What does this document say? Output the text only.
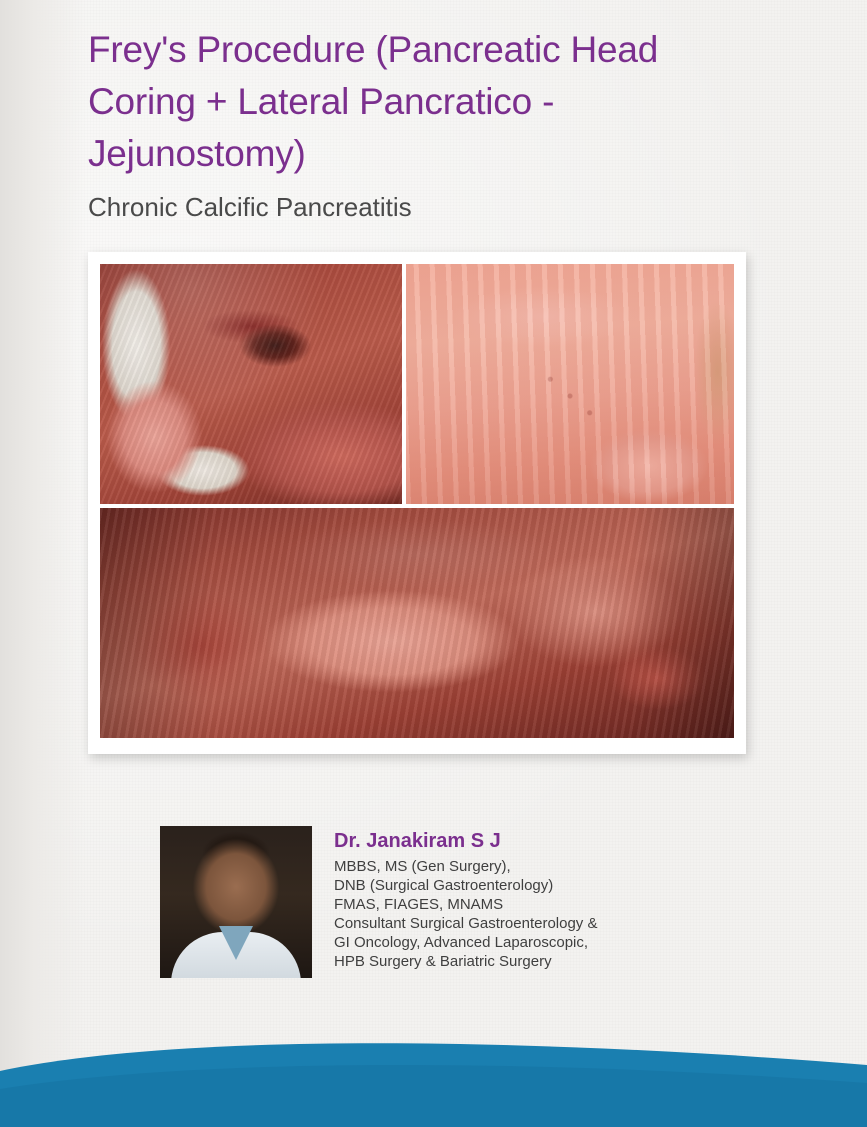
Frey's Procedure (Pancreatic Head Coring + Lateral Pancratico - Jejunostomy)
Chronic Calcific Pancreatitis
Dr. Janakiram S J

MBBS, MS (Gen Surgery),

DNB (Surgical Gastroenterology)

FMAS, FIAGES, MNAMS

Consultant Surgical Gastroenterology &

GI Oncology, Advanced Laparoscopic,

HPB Surgery & Bariatric Surgery
